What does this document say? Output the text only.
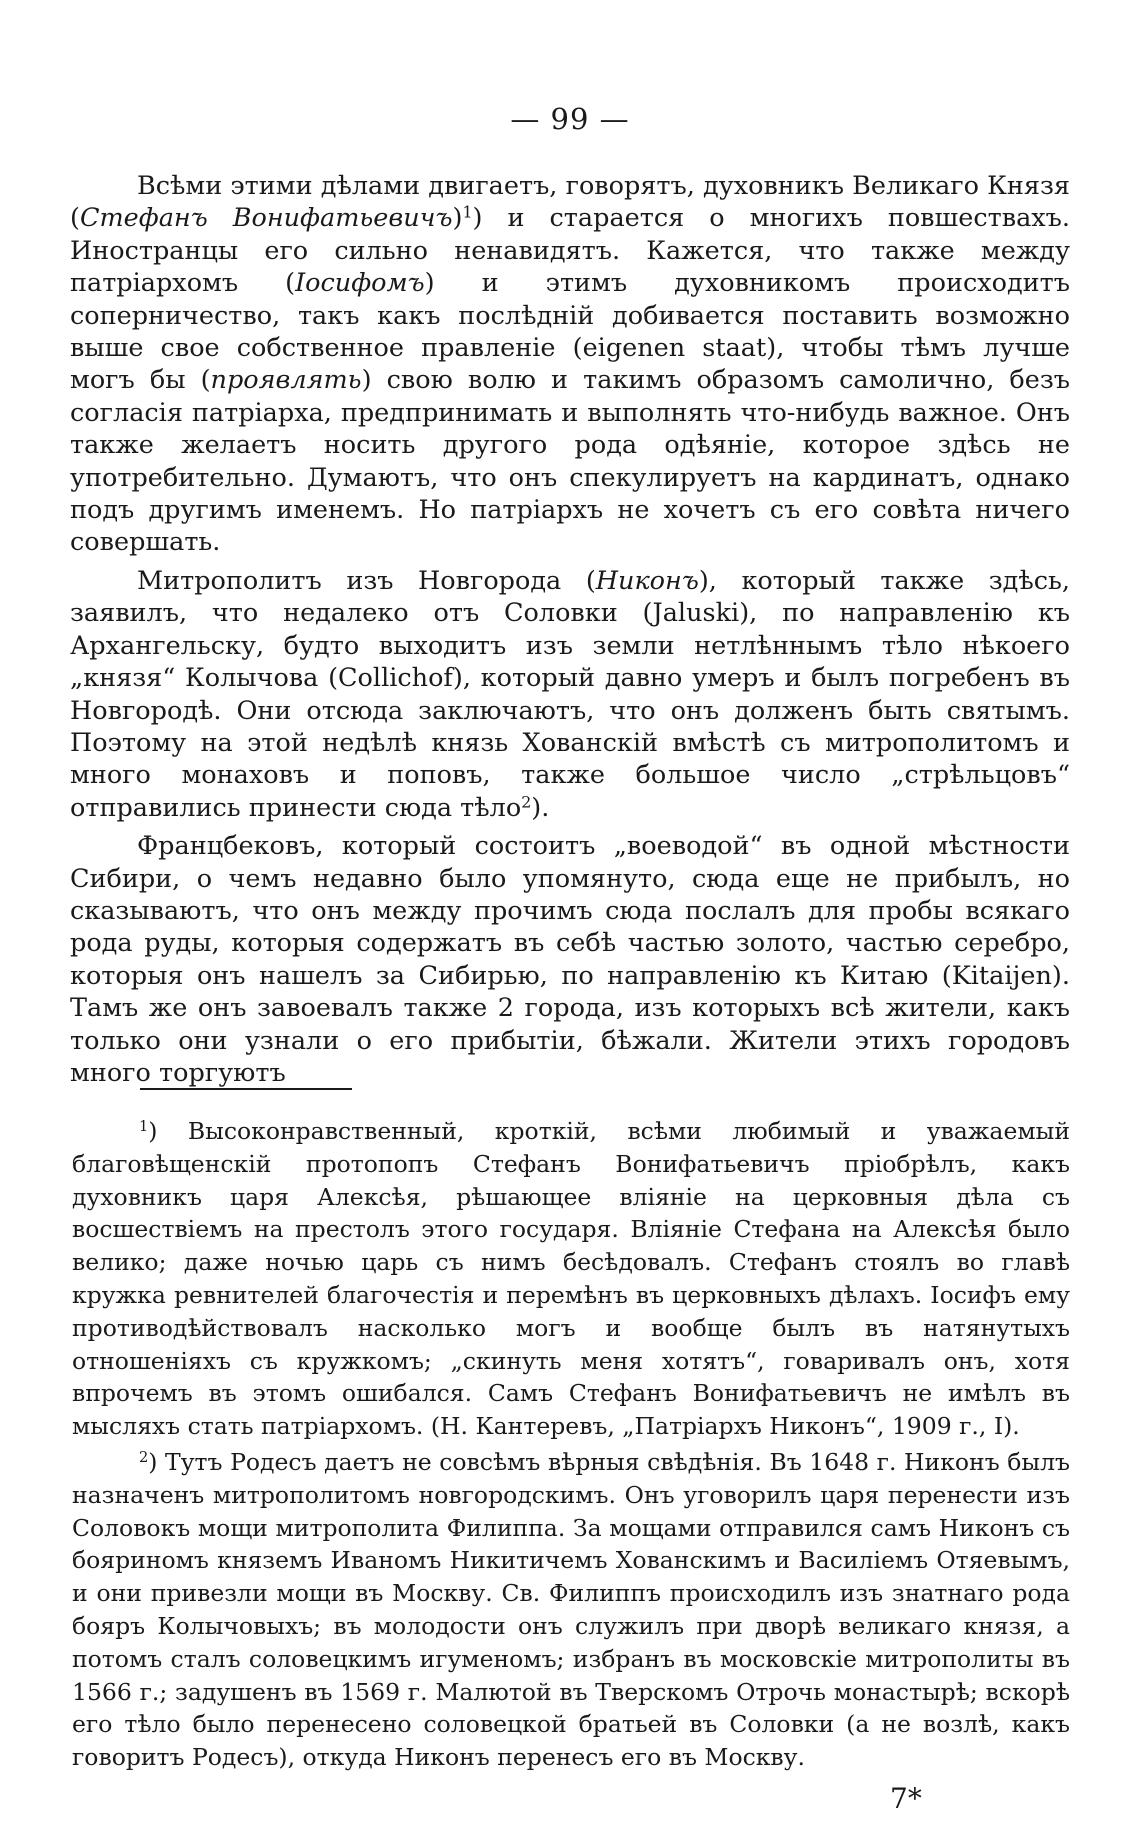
— 99 —

Всѣми этими дѣлами двигаетъ, говорятъ, духовникъ Великаго Князя (Стефанъ Вонифатьевичъ)$^1$) и старается о многихъ повшествахъ. Иностранцы его сильно ненавидятъ. Кажется, что также между патріархомъ (Іосифомъ) и этимъ духовникомъ происходитъ соперничество, такъ какъ послѣдній добивается поставить возможно выше свое собственное правленіе (eigenen staat), чтобы тѣмъ лучше могъ бы (проявлять) свою волю и такимъ образомъ самолично, безъ согласія патріарха, предпринимать и выполнять что-нибудь важное. Онъ также желаетъ носить другого рода одѣяніе, которое здѣсь не употребительно. Думаютъ, что онъ спекулируетъ на кардинатъ, однако подъ другимъ именемъ. Но патріархъ не хочетъ съ его совѣта ничего совершать.

Митрополитъ изъ Новгорода (Никонъ), который также здѣсь, заявилъ, что недалеко отъ Соловки (Jaluski), по направленію къ Архангельску, будто выходитъ изъ земли нетлѣннымъ тѣло нѣкоего „князя“ Колычова (Collichof), который давно умеръ и былъ погребенъ въ Новгородѣ. Они отсюда заключаютъ, что онъ долженъ быть святымъ. Поэтому на этой недѣлѣ князь Хованскій вмѣстѣ съ митрополитомъ и много монаховъ и поповъ, также большое число „стрѣльцовъ“ отправились принести сюда тѣло$^2$).

Францбековъ, который состоитъ „воеводой“ въ одной мѣстности Сибири, о чемъ недавно было упомянуто, сюда еще не прибылъ, но сказываютъ, что онъ между прочимъ сюда послалъ для пробы всякаго рода руды, которыя содержатъ въ себѣ частью золото, частью серебро, которыя онъ нашелъ за Сибирью, по направленію къ Китаю (Kitaijen). Тамъ же онъ завоевалъ также 2 города, изъ которыхъ всѣ жители, какъ только они узнали о его прибытіи, бѣжали. Жители этихъ городовъ много торгуютъ

$^1$) Высоконравственный, кроткій, всѣми любимый и уважаемый благовѣщенскій протопопъ Стефанъ Вонифатьевичъ пріобрѣлъ, какъ духовникъ царя Алексѣя, рѣшающее вліяніе на церковныя дѣла съ восшествіемъ на престолъ этого государя. Вліяніе Стефана на Алексѣя было велико; даже ночью царь съ нимъ бесѣдовалъ. Стефанъ стоялъ во главѣ кружка ревнителей благочестія и перемѣнъ въ церковныхъ дѣлахъ. Іосифъ ему противодѣйствовалъ насколько могъ и вообще былъ въ натянутыхъ отношеніяхъ съ кружкомъ; „скинуть меня хотятъ“, говаривалъ онъ, хотя впрочемъ въ этомъ ошибался. Самъ Стефанъ Вонифатьевичъ не имѣлъ въ мысляхъ стать патріархомъ. (Н. Кантеревъ, „Патріархъ Никонъ“, 1909 г., I).

$^2$) Тутъ Родесъ даетъ не совсѣмъ вѣрныя свѣдѣнія. Въ 1648 г. Никонъ былъ назначенъ митрополитомъ новгородскимъ. Онъ уговорилъ царя перенести изъ Соловокъ мощи митрополита Филиппа. За мощами отправился самъ Никонъ съ бояриномъ княземъ Иваномъ Никитичемъ Хованскимъ и Василіемъ Отяевымъ, и они привезли мощи въ Москву. Св. Филиппъ происходилъ изъ знатнаго рода бояръ Колычовыхъ; въ молодости онъ служилъ при дворѣ великаго князя, а потомъ сталъ соловецкимъ игуменомъ; избранъ въ московскіе митрополиты въ 1566 г.; задушенъ въ 1569 г. Малютой въ Тверскомъ Отрочь монастырѣ; вскорѣ его тѣло было перенесено соловецкой братьей въ Соловки (а не возлѣ, какъ говоритъ Родесъ), откуда Никонъ перенесъ его въ Москву.

7*
